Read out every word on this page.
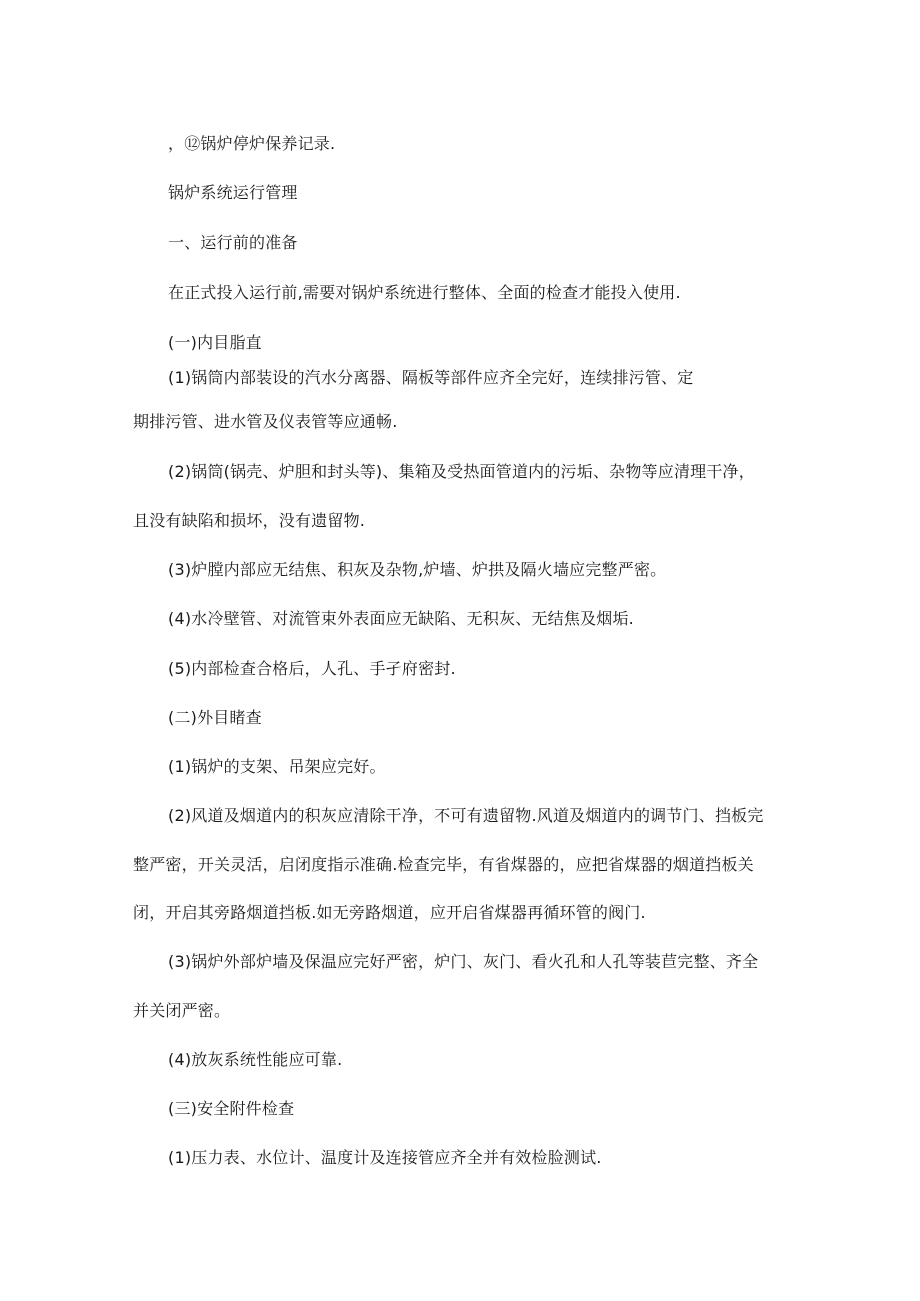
，⑫锅炉停炉保养记录.
锅炉系统运行管理
一、运行前的准备
在正式投入运行前,需要对锅炉系统进行整体、全面的检查才能投入使用.
(一)内目脂直
(1)锅筒内部装设的汽水分离器、隔板等部件应齐全完好，连续排污管、定
期排污管、进水管及仪表管等应通畅.
(2)锅筒(锅壳、炉胆和封头等)、集箱及受热面管道内的污垢、杂物等应清理干净，
且没有缺陷和损坏，没有遗留物.
(3)炉膛内部应无结焦、积灰及杂物,炉墙、炉拱及隔火墙应完整严密。
(4)水冷壁管、对流管束外表面应无缺陷、无积灰、无结焦及烟垢.
(5)内部检查合格后，人孔、手孑府密封.
(二)外目睹查
(1)锅炉的支架、吊架应完好。
(2)风道及烟道内的积灰应清除干净，不可有遗留物.风道及烟道内的调节门、挡板完
整严密，开关灵活，启闭度指示准确.检查完毕，有省煤器的，应把省煤器的烟道挡板关
闭，开启其旁路烟道挡板.如无旁路烟道，应开启省煤器再循环管的阀门.
(3)锅炉外部炉墙及保温应完好严密，炉门、灰门、看火孔和人孔等装苣完整、齐全
并关闭严密。
(4)放灰系统性能应可靠.
(三)安全附件检查
(1)压力表、水位计、温度计及连接管应齐全并有效检脸测试.
